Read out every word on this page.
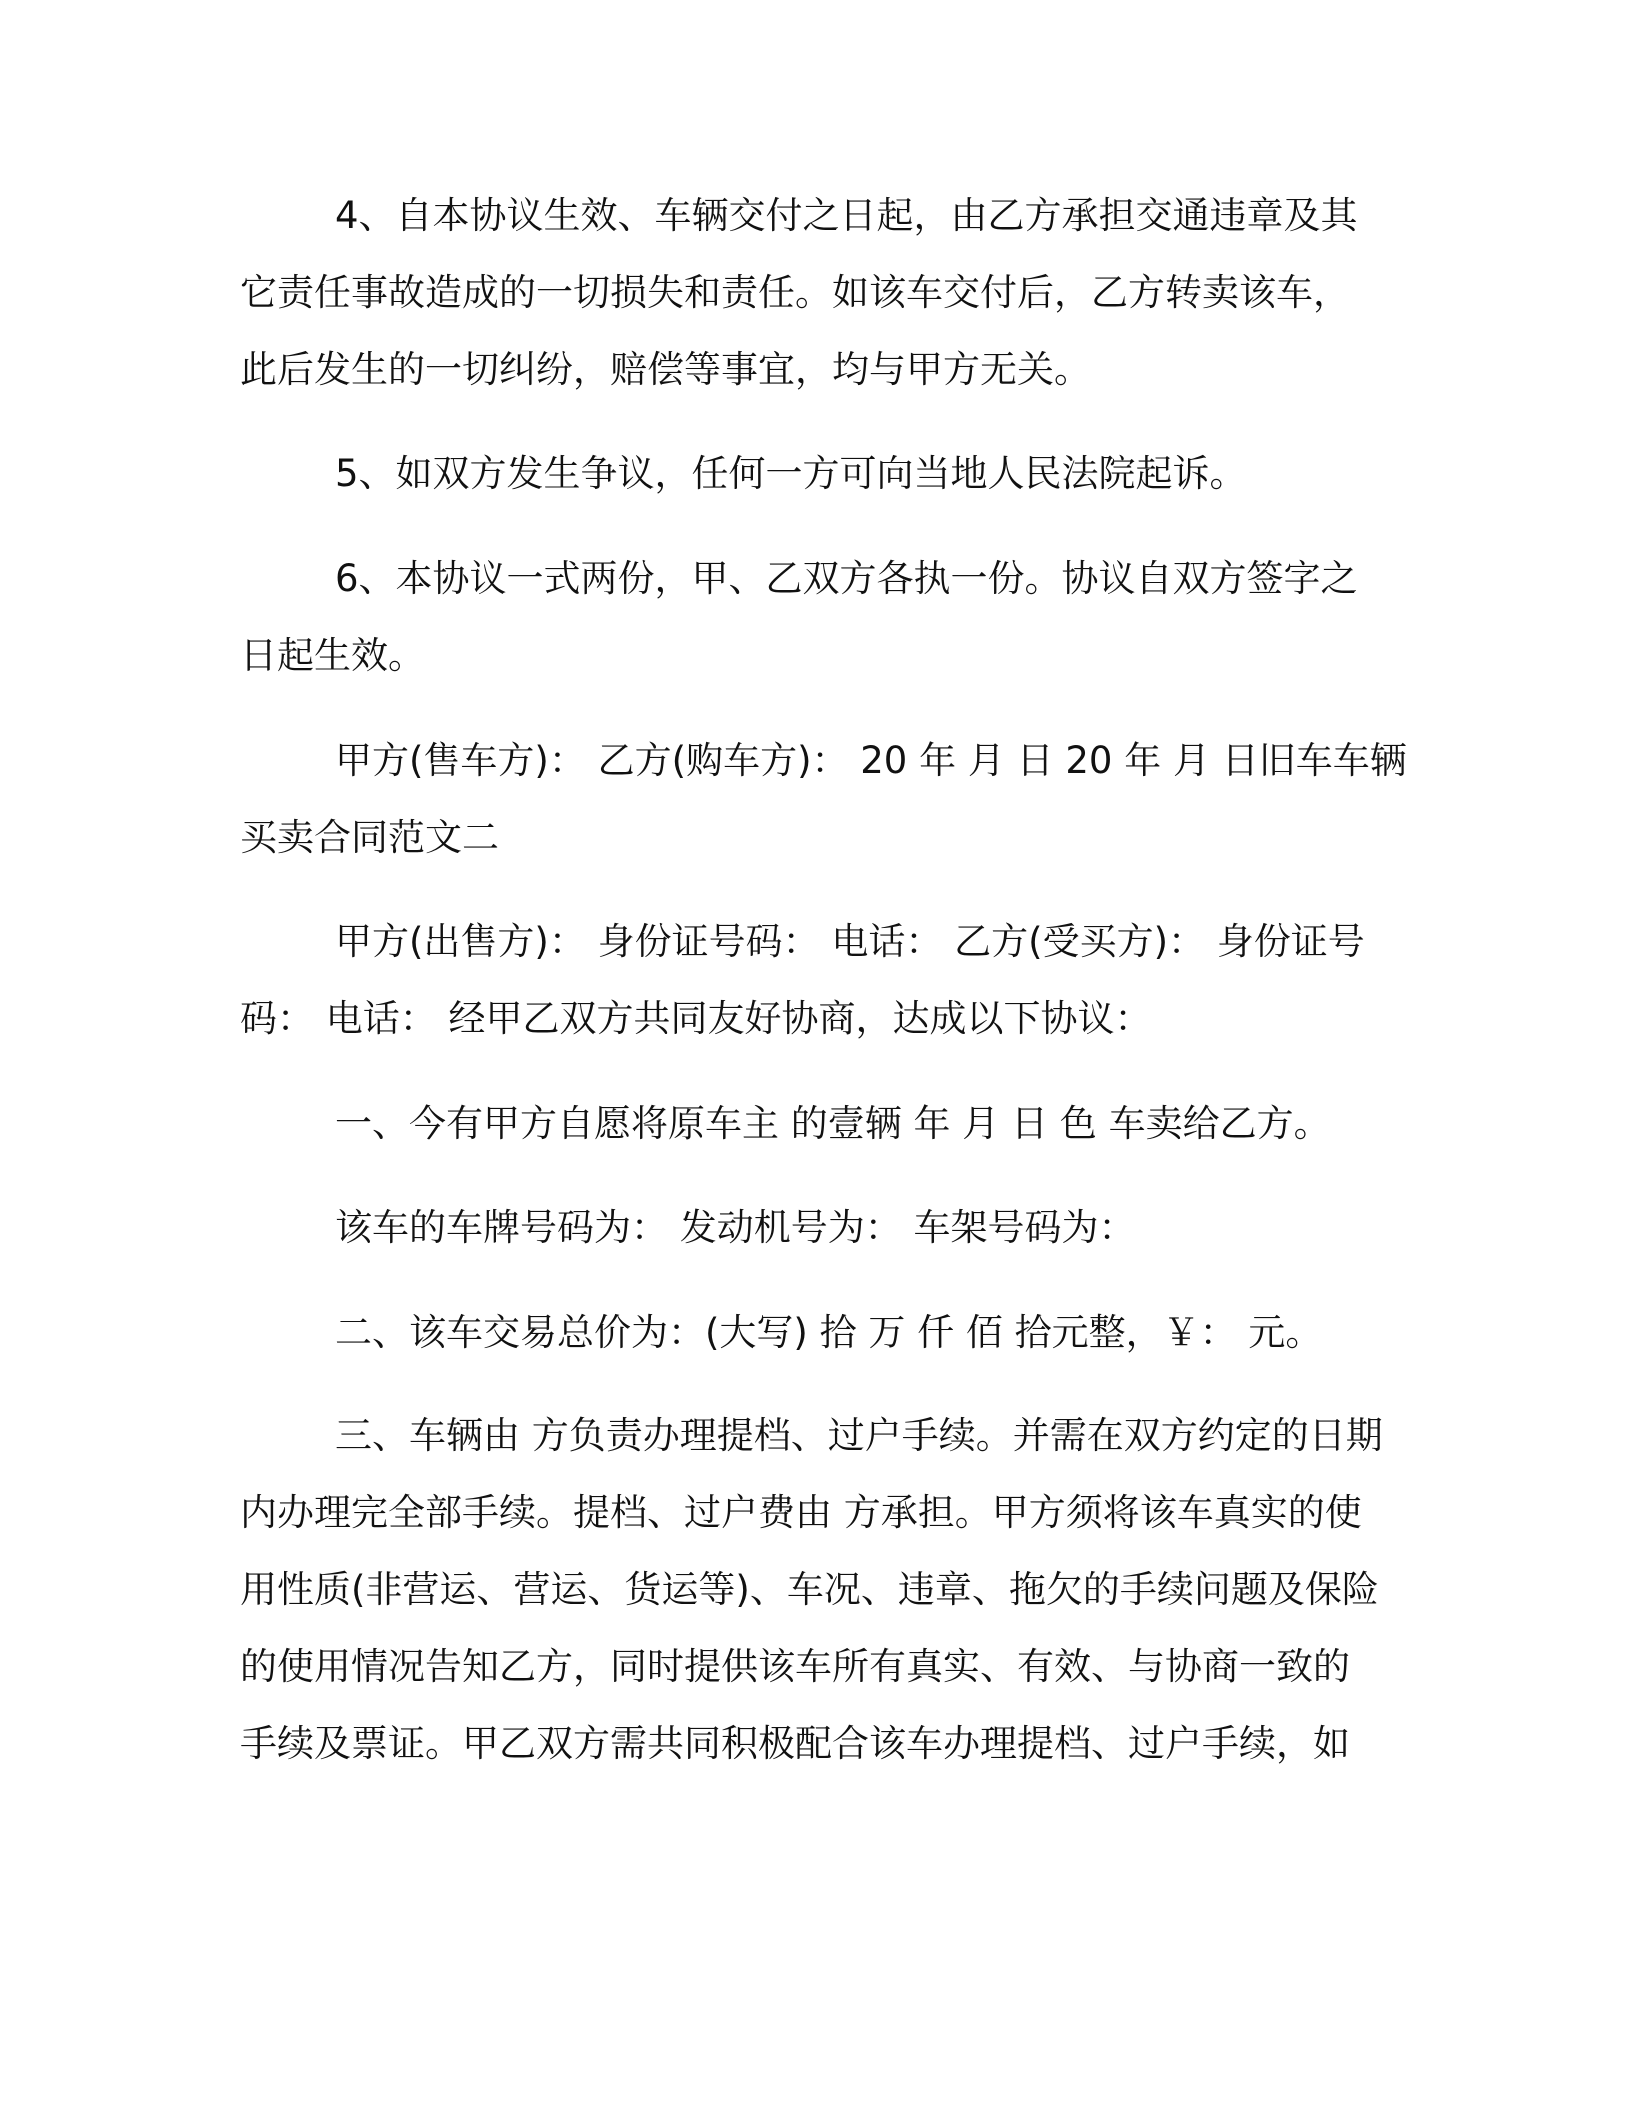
4、自本协议生效、车辆交付之日起，由乙方承担交通违章及其
它责任事故造成的一切损失和责任。如该车交付后，乙方转卖该车，
此后发生的一切纠纷，赔偿等事宜，均与甲方无关。

5、如双方发生争议，任何一方可向当地人民法院起诉。

6、本协议一式两份，甲、乙双方各执一份。协议自双方签字之
日起生效。

甲方(售车方)： 乙方(购车方)： 20 年 月 日 20 年 月 日旧车车辆
买卖合同范文二

甲方(出售方)： 身份证号码： 电话： 乙方(受买方)： 身份证号
码： 电话： 经甲乙双方共同友好协商，达成以下协议：

一、今有甲方自愿将原车主 的壹辆 年 月 日 色 车卖给乙方。

该车的车牌号码为： 发动机号为： 车架号码为：

二、该车交易总价为：(大写) 拾 万 仟 佰 拾元整，￥： 元。

三、车辆由 方负责办理提档、过户手续。并需在双方约定的日期
内办理完全部手续。提档、过户费由 方承担。甲方须将该车真实的使
用性质(非营运、营运、货运等)、车况、违章、拖欠的手续问题及保险
的使用情况告知乙方，同时提供该车所有真实、有效、与协商一致的
手续及票证。甲乙双方需共同积极配合该车办理提档、过户手续，如
